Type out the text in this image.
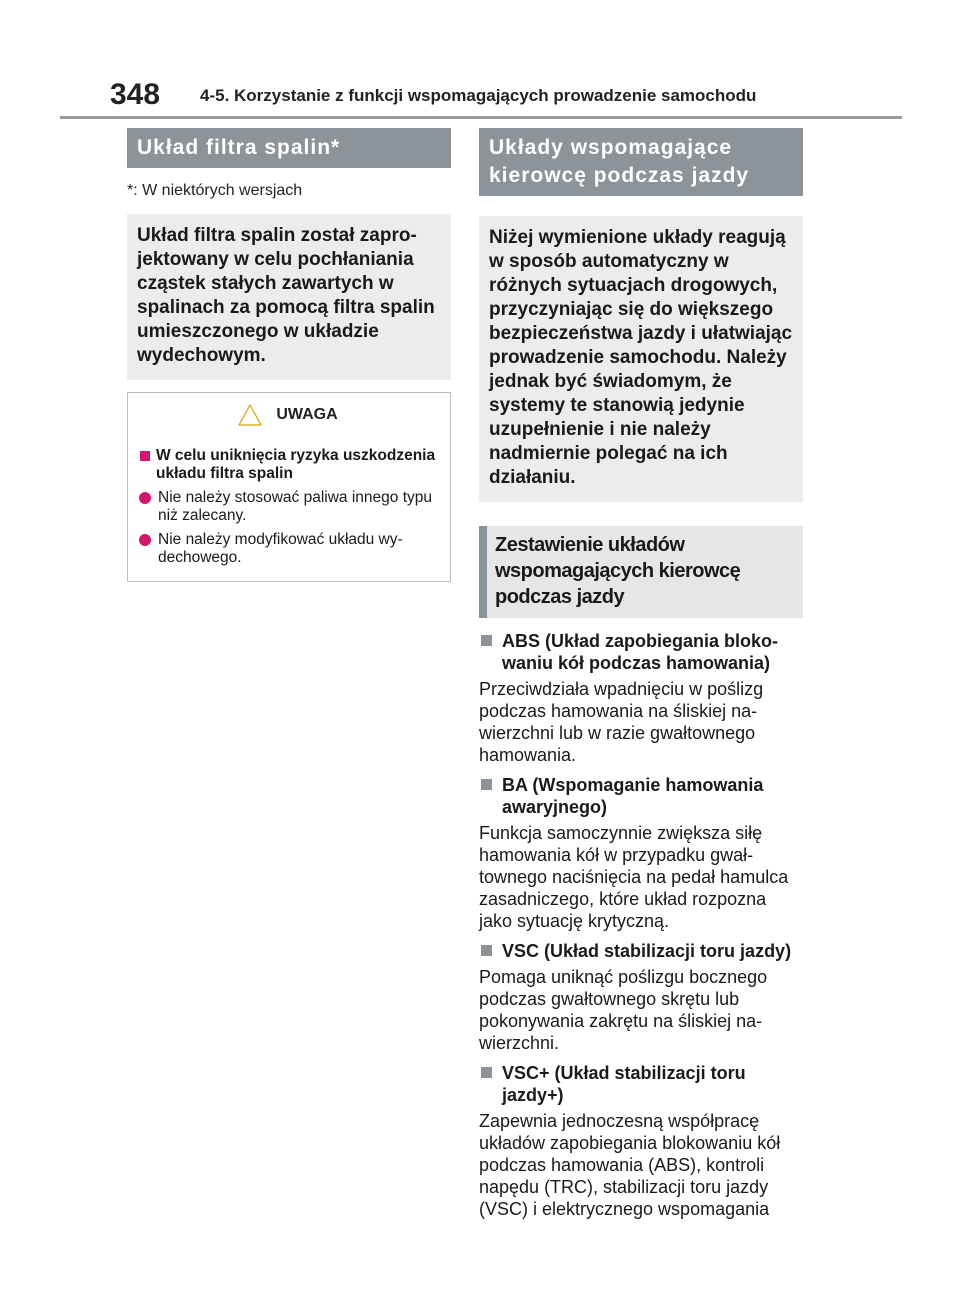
348 4-5. Korzystanie z funkcji wspomagających prowadzenie samochodu
Układ filtra spalin*

*: W niektórych wersjach

Układ filtra spalin został zaprojektowany w celu pochłaniania cząstek stałych zawartych w spalinach za pomocą filtra spalin umieszczonego w układzie wydechowym.
UWAGA
W celu uniknięcia ryzyka uszkodzenia układu filtra spalin
Nie należy stosować paliwa innego typu niż zalecany.
Nie należy modyfikować układu wydechowego.
Układy wspomagające kierowcę podczas jazdy
Niżej wymienione układy reagują w sposób automatyczny w różnych sytuacjach drogowych, przyczyniając się do większego bezpieczeństwa jazdy i ułatwiając prowadzenie samochodu. Należy jednak być świadomym, że systemy te stanowią jedynie uzupełnienie i nie należy nadmiernie polegać na ich działaniu.
Zestawienie układów wspomagających kierowcę podczas jazdy
ABS (Układ zapobiegania blokowaniu kół podczas hamowania)
Przeciwdziała wpadnięciu w poślizg podczas hamowania na śliskiej nawierzchni lub w razie gwałtownego hamowania.
BA (Wspomaganie hamowania awaryjnego)
Funkcja samoczynnie zwiększa siłę hamowania kół w przypadku gwałtownego naciśnięcia na pedał hamulca zasadniczego, które układ rozpozna jako sytuację krytyczną.
VSC (Układ stabilizacji toru jazdy)
Pomaga uniknąć poślizgu bocznego podczas gwałtownego skrętu lub pokonywania zakrętu na śliskiej nawierzchni.
VSC+ (Układ stabilizacji toru jazdy+)
Zapewnia jednoczesną współpracę układów zapobiegania blokowaniu kół podczas hamowania (ABS), kontroli napędu (TRC), stabilizacji toru jazdy (VSC) i elektrycznego wspomagania
